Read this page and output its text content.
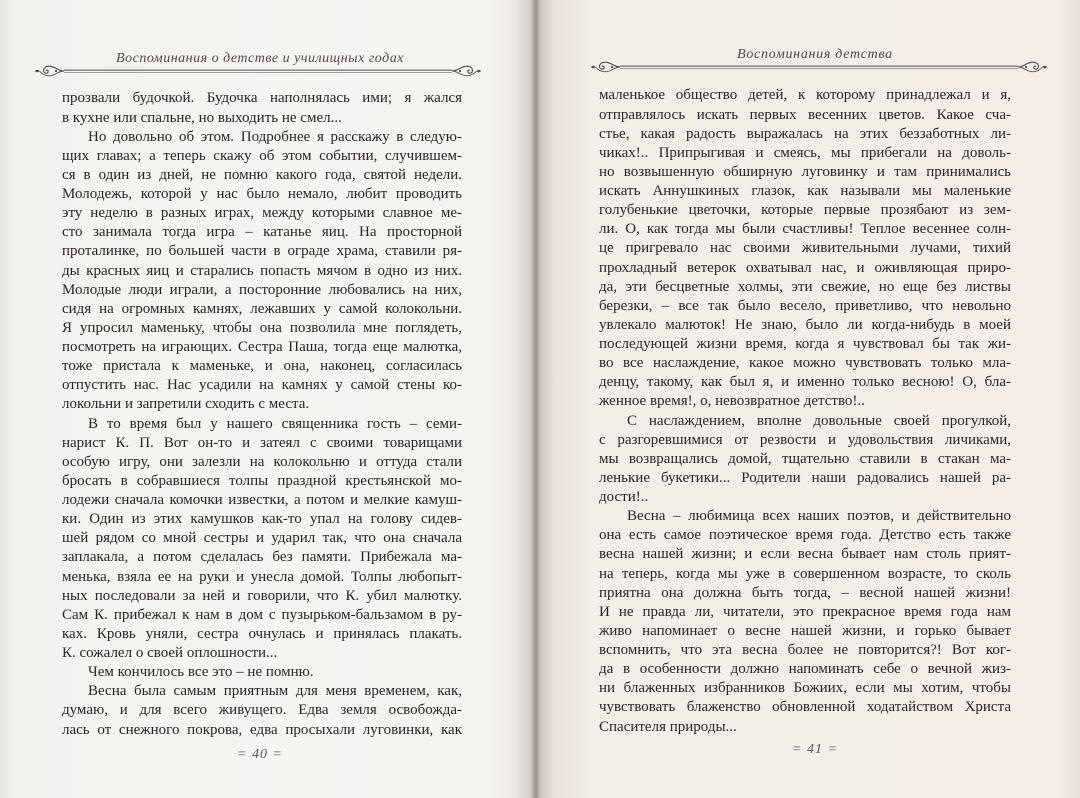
Воспоминания о детстве и училищных годах
прозвали будочкой. Будочка наполнялась ими; я жался
в кухне или спальне, но выходить не смел...
Но довольно об этом. Подробнее я расскажу в следую-
щих главах; а теперь скажу об этом событии, случившем-
ся в один из дней, не помню какого года, святой недели.
Молодежь, которой у нас было немало, любит проводить
эту неделю в разных играх, между которыми славное ме-
сто занимала тогда игра – катанье яиц. На просторной
проталинке, по большей части в ограде храма, ставили ря-
ды красных яиц и старались попасть мячом в одно из них.
Молодые люди играли, а посторонние любовались на них,
сидя на огромных камнях, лежавших у самой колокольни.
Я упросил маменьку, чтобы она позволила мне поглядеть,
посмотреть на играющих. Сестра Паша, тогда еще малютка,
тоже пристала к маменьке, и она, наконец, согласилась
отпустить нас. Нас усадили на камнях у самой стены ко-
локольни и запретили сходить с места.
В то время был у нашего священника гость – семи-
нарист К. П. Вот он-то и затеял с своими товарищами
особую игру, они залезли на колокольню и оттуда стали
бросать в собравшиеся толпы праздной крестьянской мо-
лодежи сначала комочки известки, а потом и мелкие камуш-
ки. Один из этих камушков как-то упал на голову сидев-
шей рядом со мной сестры и ударил так, что она сначала
заплакала, а потом сделалась без памяти. Прибежала ма-
менька, взяла ее на руки и унесла домой. Толпы любопыт-
ных последовали за ней и говорили, что К. убил малютку.
Сам К. прибежал к нам в дом с пузырьком-бальзамом в ру-
ках. Кровь уняли, сестра очнулась и принялась плакать.
К. сожалел о своей оплошности...
Чем кончилось все это – не помню.
Весна была самым приятным для меня временем, как,
думаю, и для всего живущего. Едва земля освобожда-
лась от снежного покрова, едва просыхали луговинки, как
= 40 =
Воспоминания детства
маленькое общество детей, к которому принадлежал и я,
отправлялось искать первых весенних цветов. Какое сча-
стье, какая радость выражалась на этих беззаботных ли-
чиках!.. Припрыгивая и смеясь, мы прибегали на доволь-
но возвышенную обширную луговинку и там принимались
искать Аннушкиных глазок, как называли мы маленькие
голубенькие цветочки, которые первые прозябают из зем-
ли. О, как тогда мы были счастливы! Теплое весеннее солн-
це пригревало нас своими живительными лучами, тихий
прохладный ветерок охватывал нас, и оживляющая приро-
да, эти бесцветные холмы, эти свежие, но еще без листвы
березки, – все так было весело, приветливо, что невольно
увлекало малюток! Не знаю, было ли когда-нибудь в моей
последующей жизни время, когда я чувствовал бы так жи-
во все наслаждение, какое можно чувствовать только мла-
денцу, такому, как был я, и именно только весною! О, бла-
женное время!, о, невозвратное детство!..
С наслаждением, вполне довольные своей прогулкой,
с разгоревшимися от резвости и удовольствия личиками,
мы возвращались домой, тщательно ставили в стакан ма-
ленькие букетики... Родители наши радовались нашей ра-
дости!..
Весна – любимица всех наших поэтов, и действительно
она есть самое поэтическое время года. Детство есть также
весна нашей жизни; и если весна бывает нам столь прият-
на теперь, когда мы уже в совершенном возрасте, то сколь
приятна она должна быть тогда, – весной нашей жизни!
И не правда ли, читатели, это прекрасное время года нам
живо напоминает о весне нашей жизни, и горько бывает
вспомнить, что эта весна более не повторится?! Вот ког-
да в особенности должно напоминать себе о вечной жиз-
ни блаженных избранников Божиих, если мы хотим, чтобы
чувствовать блаженство обновленной ходатайством Христа
Спасителя природы...
= 41 =
